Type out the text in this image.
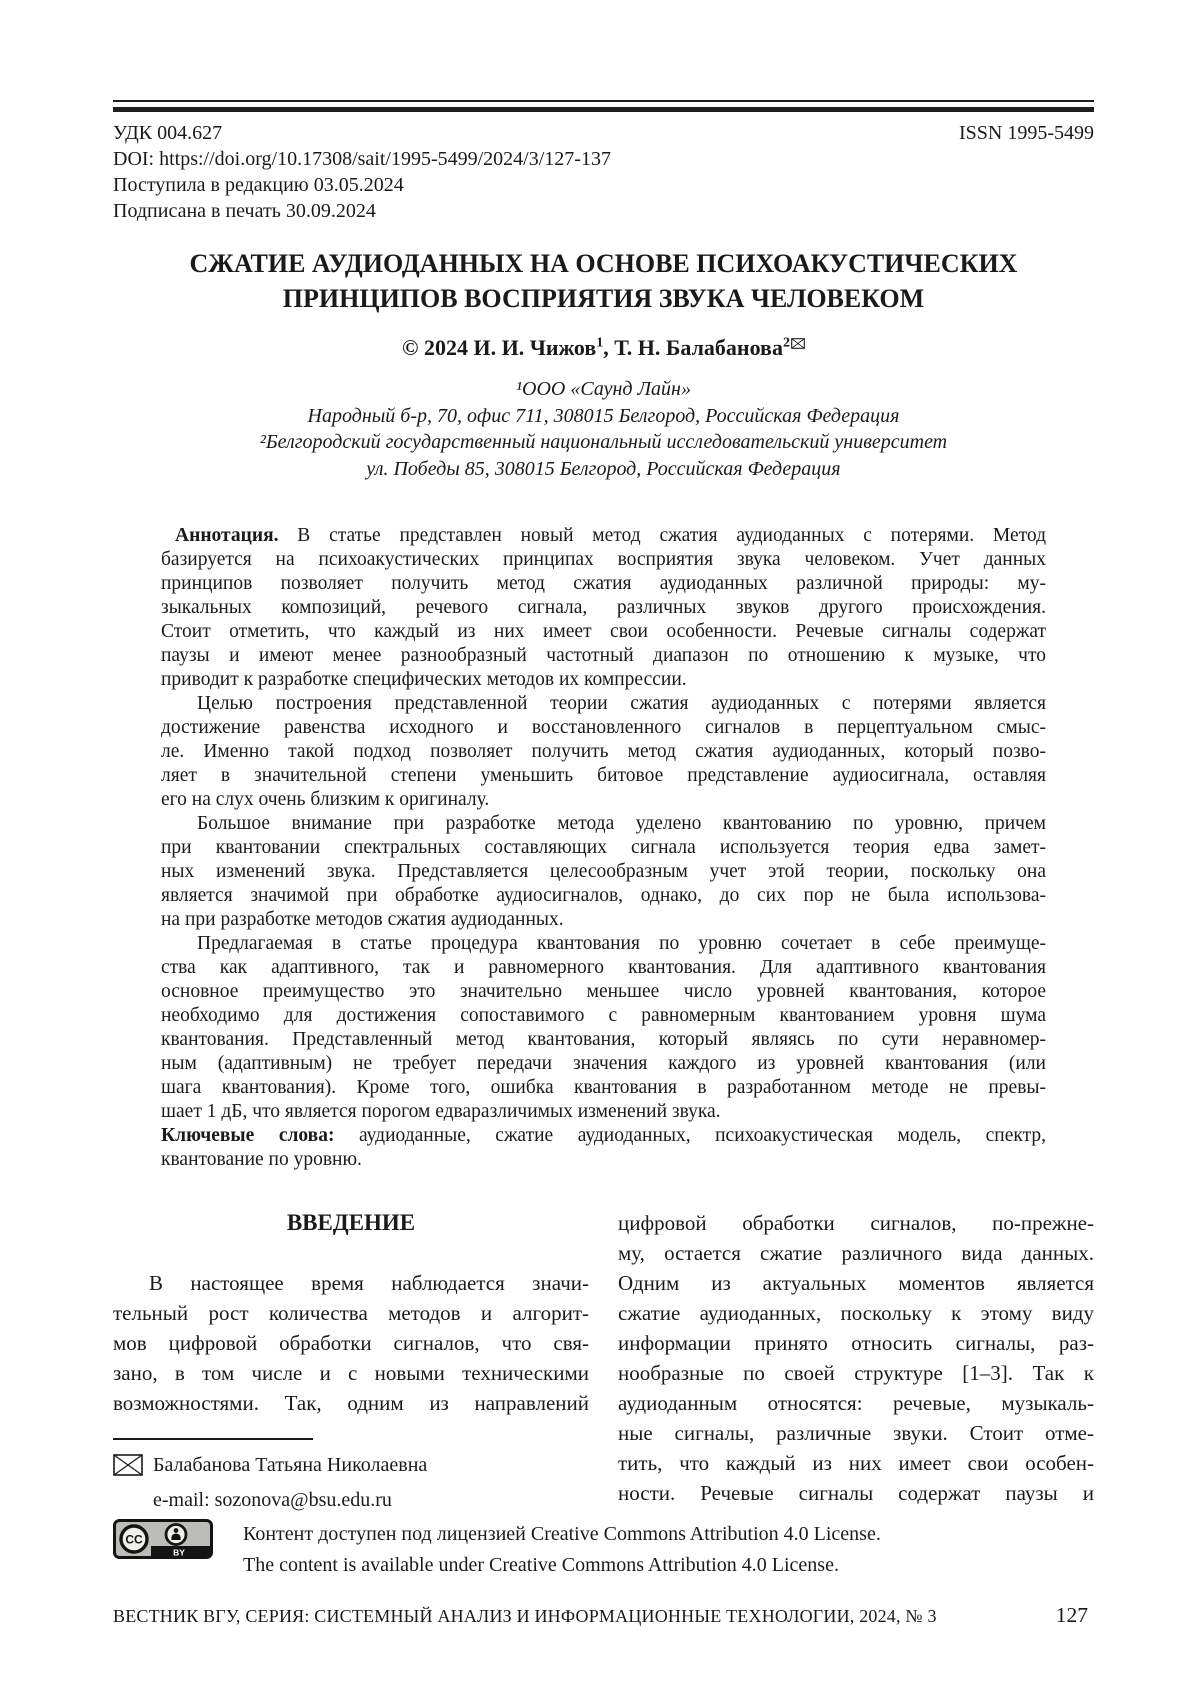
УДК 004.627
DOI: https://doi.org/10.17308/sait/1995-5499/2024/3/127-137
Поступила в редакцию 03.05.2024
Подписана в печать 30.09.2024
ISSN 1995-5499
СЖАТИЕ АУДИОДАННЫХ НА ОСНОВЕ ПСИХОАКУСТИЧЕСКИХ
ПРИНЦИПОВ ВОСПРИЯТИЯ ЗВУКА ЧЕЛОВЕКОМ
© 2024 И. И. Чижов$^1$, Т. Н. Балабанова$^2$
¹ООО «Саунд Лайн»
Народный б-р, 70, офис 711, 308015 Белгород, Российская Федерация
²Белгородский государственный национальный исследовательский университет
ул. Победы 85, 308015 Белгород, Российская Федерация
Аннотация. В статье представлен новый метод сжатия аудиоданных с потерями. Метод
базируется на психоакустических принципах восприятия звука человеком. Учет данных
принципов позволяет получить метод сжатия аудиоданных различной природы: му-
зыкальных композиций, речевого сигнала, различных звуков другого происхождения.
Стоит отметить, что каждый из них имеет свои особенности. Речевые сигналы содержат
паузы и имеют менее разнообразный частотный диапазон по отношению к музыке, что
приводит к разработке специфических методов их компрессии.
Целью построения представленной теории сжатия аудиоданных с потерями является
достижение равенства исходного и восстановленного сигналов в перцептуальном смыс-
ле. Именно такой подход позволяет получить метод сжатия аудиоданных, который позво-
ляет в значительной степени уменьшить битовое представление аудиосигнала, оставляя
его на слух очень близким к оригиналу.
Большое внимание при разработке метода уделено квантованию по уровню, причем
при квантовании спектральных составляющих сигнала используется теория едва замет-
ных изменений звука. Представляется целесообразным учет этой теории, поскольку она
является значимой при обработке аудиосигналов, однако, до сих пор не была использова-
на при разработке методов сжатия аудиоданных.
Предлагаемая в статье процедура квантования по уровню сочетает в себе преимуще-
ства как адаптивного, так и равномерного квантования. Для адаптивного квантования
основное преимущество это значительно меньшее число уровней квантования, которое
необходимо для достижения сопоставимого с равномерным квантованием уровня шума
квантования. Представленный метод квантования, который являясь по сути неравномер-
ным (адаптивным) не требует передачи значения каждого из уровней квантования (или
шага квантования). Кроме того, ошибка квантования в разработанном методе не превы-
шает 1 дБ, что является порогом едваразличимых изменений звука.
Ключевые слова: аудиоданные, сжатие аудиоданных, психоакустическая модель, спектр,
квантование по уровню.
ВВЕДЕНИЕ
В настоящее время наблюдается значи-
тельный рост количества методов и алгорит-
мов цифровой обработки сигналов, что свя-
зано, в том числе и с новыми техническими
возможностями. Так, одним из направлений
Балабанова Татьяна Николаевна
e-mail: sozonova@bsu.edu.ru
цифровой обработки сигналов, по-прежне-
му, остается сжатие различного вида данных.
Одним из актуальных моментов является
сжатие аудиоданных, поскольку к этому виду
информации принято относить сигналы, раз-
нообразные по своей структуре [1–3]. Так к
аудиоданным относятся: речевые, музыкаль-
ные сигналы, различные звуки. Стоит отме-
тить, что каждый из них имеет свои особен-
ности. Речевые сигналы содержат паузы и
CC
BY
Контент доступен под лицензией Creative Commons Attribution 4.0 License.
The content is available under Creative Commons Attribution 4.0 License.
ВЕСТНИК ВГУ, СЕРИЯ: СИСТЕМНЫЙ АНАЛИЗ И ИНФОРМАЦИОННЫЕ ТЕХНОЛОГИИ, 2024, № 3	127
